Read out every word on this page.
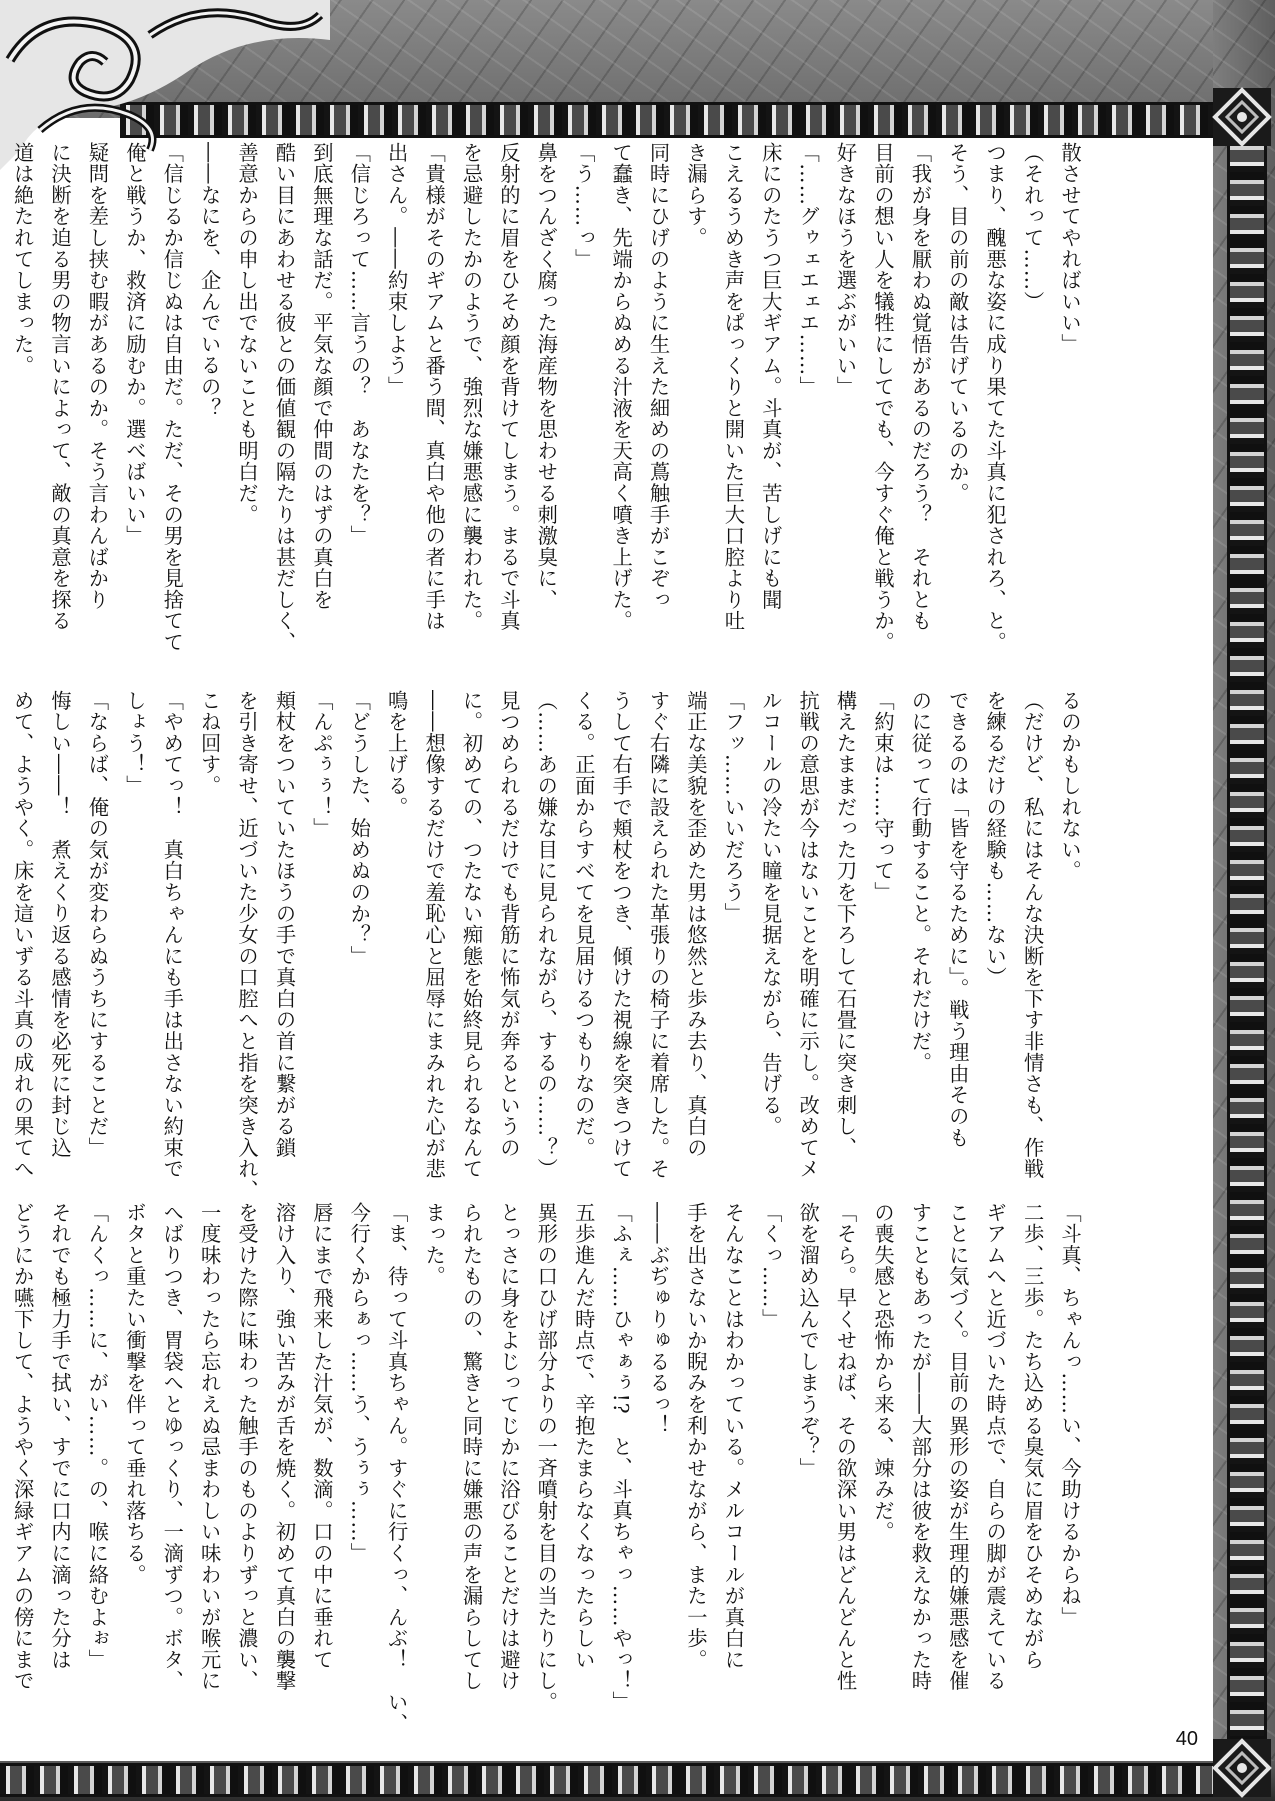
散させてやればいい」

（それって……）

つまり、醜悪な姿に成り果てた斗真に犯されろ、と。

そう、目の前の敵は告げているのか。

「我が身を厭わぬ覚悟があるのだろう？　それとも

目前の想い人を犠牲にしてでも、今すぐ俺と戦うか。

好きなほうを選ぶがいい」

「……グゥェエェエ……」

床にのたうつ巨大ギアム。斗真が、苦しげにも聞

こえるうめき声をぱっくりと開いた巨大口腔より吐

き漏らす。

同時にひげのように生えた細めの蔦触手がこぞっ

て蠢き、先端からぬめる汁液を天高く噴き上げた。

「う……っ」

鼻をつんざく腐った海産物を思わせる刺激臭に、

反射的に眉をひそめ顔を背けてしまう。まるで斗真

を忌避したかのようで、強烈な嫌悪感に襲われた。

「貴様がそのギアムと番う間、真白や他の者に手は

出さん。――約束しよう」

「信じろって……言うの？　あなたを？」

到底無理な話だ。平気な顔で仲間のはずの真白を

酷い目にあわせる彼との価値観の隔たりは甚だしく、

善意からの申し出でないことも明白だ。

――なにを、企んでいるの？

「信じるか信じぬは自由だ。ただ、その男を見捨てて

俺と戦うか、救済に励むか。選べばいい」

疑問を差し挟む暇があるのか。そう言わんばかり

に決断を迫る男の物言いによって、敵の真意を探る

道は絶たれてしまった。

るのかもしれない。

（だけど、私にはそんな決断を下す非情さも、作戦

を練るだけの経験も……ない）

できるのは「皆を守るために」。戦う理由そのも

のに従って行動すること。それだけだ。

「約束は……守って」

構えたままだった刀を下ろして石畳に突き刺し、

抗戦の意思が今はないことを明確に示し。改めてメ

ルコールの冷たい瞳を見据えながら、告げる。

「フッ……いいだろう」

端正な美貌を歪めた男は悠然と歩み去り、真白の

すぐ右隣に設えられた革張りの椅子に着席した。そ

うして右手で頬杖をつき、傾けた視線を突きつけて

くる。正面からすべてを見届けるつもりなのだ。

（……あの嫌な目に見られながら、するの……？）

見つめられるだけでも背筋に怖気が奔るというの

に。初めての、つたない痴態を始終見られるなんて

――想像するだけで羞恥心と屈辱にまみれた心が悲

鳴を上げる。

「どうした、始めぬのか？」

「んぷぅぅ！」

頬杖をついていたほうの手で真白の首に繋がる鎖

を引き寄せ、近づいた少女の口腔へと指を突き入れ、

こね回す。

「やめてっ！　真白ちゃんにも手は出さない約束で

しょう！」

「ならば、俺の気が変わらぬうちにすることだ」

悔しい――！　煮えくり返る感情を必死に封じ込

めて、ようやく。床を這いずる斗真の成れの果てへ

「斗真、ちゃんっ……い、今助けるからね」

二歩、三歩。たち込める臭気に眉をひそめながら

ギアムへと近づいた時点で、自らの脚が震えている

ことに気づく。目前の異形の姿が生理的嫌悪感を催

すこともあったが――大部分は彼を救えなかった時

の喪失感と恐怖から来る、竦みだ。

「そら。早くせねば、その欲深い男はどんどんと性

欲を溜め込んでしまうぞ？」

「くっ……」

そんなことはわかっている。メルコールが真白に

手を出さないか睨みを利かせながら、また一歩。

――ぶぢゅりゅるるっ！

「ふぇ……ひゃぁぅ!?　と、斗真ちゃっ……やっ！」

五歩進んだ時点で、辛抱たまらなくなったらしい

異形の口ひげ部分よりの一斉噴射を目の当たりにし。

とっさに身をよじってじかに浴びることだけは避け

られたものの、驚きと同時に嫌悪の声を漏らしてし

まった。

「ま、待って斗真ちゃん。すぐに行くっ、んぶ！　い、

今行くからぁっ……う、うぅぅ……」

唇にまで飛来した汁気が、数滴。口の中に垂れて

溶け入り、強い苦みが舌を焼く。初めて真白の襲撃

を受けた際に味わった触手のものよりずっと濃い、

一度味わったら忘れえぬ忌まわしい味わいが喉元に

へばりつき、胃袋へとゆっくり、一滴ずつ。ボタ、

ボタと重たい衝撃を伴って垂れ落ちる。

「んくっ……に、がい……。の、喉に絡むよぉ」

それでも極力手で拭い、すでに口内に滴った分は

どうにか嚥下して、ようやく深緑ギアムの傍にまで

40
